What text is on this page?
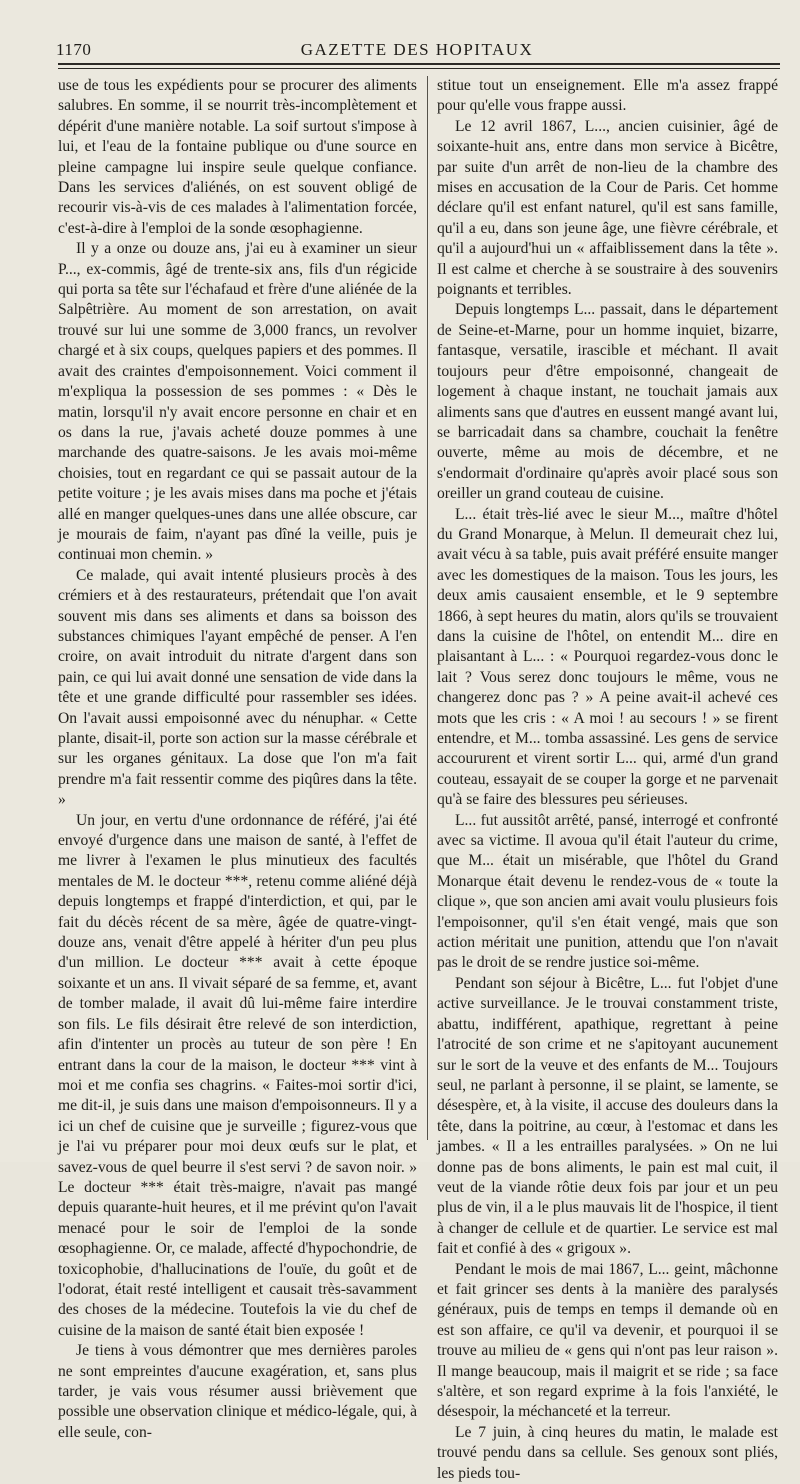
1170	GAZETTE DES HOPITAUX

use de tous les expédients pour se procurer des aliments salubres. En somme, il se nourrit très-incomplètement et dépérit d'une manière notable. La soif surtout s'impose à lui, et l'eau de la fontaine publique ou d'une source en pleine campagne lui inspire seule quelque confiance. Dans les services d'aliénés, on est souvent obligé de recourir vis-à-vis de ces malades à l'alimentation forcée, c'est-à-dire à l'emploi de la sonde œsophagienne.

Il y a onze ou douze ans, j'ai eu à examiner un sieur P..., ex-commis, âgé de trente-six ans, fils d'un régicide qui porta sa tête sur l'échafaud et frère d'une aliénée de la Salpêtrière. Au moment de son arrestation, on avait trouvé sur lui une somme de 3,000 francs, un revolver chargé et à six coups, quelques papiers et des pommes. Il avait des craintes d'empoisonnement. Voici comment il m'expliqua la possession de ses pommes : « Dès le matin, lorsqu'il n'y avait encore personne en chair et en os dans la rue, j'avais acheté douze pommes à une marchande des quatre-saisons. Je les avais moi-même choisies, tout en regardant ce qui se passait autour de la petite voiture ; je les avais mises dans ma poche et j'étais allé en manger quelques-unes dans une allée obscure, car je mourais de faim, n'ayant pas dîné la veille, puis je continuai mon chemin. »

Ce malade, qui avait intenté plusieurs procès à des crémiers et à des restaurateurs, prétendait que l'on avait souvent mis dans ses aliments et dans sa boisson des substances chimiques l'ayant empêché de penser. A l'en croire, on avait introduit du nitrate d'argent dans son pain, ce qui lui avait donné une sensation de vide dans la tête et une grande difficulté pour rassembler ses idées. On l'avait aussi empoisonné avec du nénuphar. « Cette plante, disait-il, porte son action sur la masse cérébrale et sur les organes génitaux. La dose que l'on m'a fait prendre m'a fait ressentir comme des piqûres dans la tête. »

Un jour, en vertu d'une ordonnance de référé, j'ai été envoyé d'urgence dans une maison de santé, à l'effet de me livrer à l'examen le plus minutieux des facultés mentales de M. le docteur ***, retenu comme aliéné déjà depuis longtemps et frappé d'interdiction, et qui, par le fait du décès récent de sa mère, âgée de quatre-vingt-douze ans, venait d'être appelé à hériter d'un peu plus d'un million. Le docteur *** avait à cette époque soixante et un ans. Il vivait séparé de sa femme, et, avant de tomber malade, il avait dû lui-même faire interdire son fils. Le fils désirait être relevé de son interdiction, afin d'intenter un procès au tuteur de son père ! En entrant dans la cour de la maison, le docteur *** vint à moi et me confia ses chagrins. « Faites-moi sortir d'ici, me dit-il, je suis dans une maison d'empoisonneurs. Il y a ici un chef de cuisine que je surveille ; figurez-vous que je l'ai vu préparer pour moi deux œufs sur le plat, et savez-vous de quel beurre il s'est servi ? de savon noir. » Le docteur *** était très-maigre, n'avait pas mangé depuis quarante-huit heures, et il me prévint qu'on l'avait menacé pour le soir de l'emploi de la sonde œsophagienne. Or, ce malade, affecté d'hypochondrie, de toxicophobie, d'hallucinations de l'ouïe, du goût et de l'odorat, était resté intelligent et causait très-savamment des choses de la médecine. Toutefois la vie du chef de cuisine de la maison de santé était bien exposée !

Je tiens à vous démontrer que mes dernières paroles ne sont empreintes d'aucune exagération, et, sans plus tarder, je vais vous résumer aussi brièvement que possible une observation clinique et médico-légale, qui, à elle seule, con-

stitue tout un enseignement. Elle m'a assez frappé pour qu'elle vous frappe aussi.

Le 12 avril 1867, L..., ancien cuisinier, âgé de soixante-huit ans, entre dans mon service à Bicêtre, par suite d'un arrêt de non-lieu de la chambre des mises en accusation de la Cour de Paris. Cet homme déclare qu'il est enfant naturel, qu'il est sans famille, qu'il a eu, dans son jeune âge, une fièvre cérébrale, et qu'il a aujourd'hui un « affaiblissement dans la tête ». Il est calme et cherche à se soustraire à des souvenirs poignants et terribles.

Depuis longtemps L... passait, dans le département de Seine-et-Marne, pour un homme inquiet, bizarre, fantasque, versatile, irascible et méchant. Il avait toujours peur d'être empoisonné, changeait de logement à chaque instant, ne touchait jamais aux aliments sans que d'autres en eussent mangé avant lui, se barricadait dans sa chambre, couchait la fenêtre ouverte, même au mois de décembre, et ne s'endormait d'ordinaire qu'après avoir placé sous son oreiller un grand couteau de cuisine.

L... était très-lié avec le sieur M..., maître d'hôtel du Grand Monarque, à Melun. Il demeurait chez lui, avait vécu à sa table, puis avait préféré ensuite manger avec les domestiques de la maison. Tous les jours, les deux amis causaient ensemble, et le 9 septembre 1866, à sept heures du matin, alors qu'ils se trouvaient dans la cuisine de l'hôtel, on entendit M... dire en plaisantant à L... : « Pourquoi regardez-vous donc le lait ? Vous serez donc toujours le même, vous ne changerez donc pas ? » A peine avait-il achevé ces mots que les cris : « A moi ! au secours ! » se firent entendre, et M... tomba assassiné. Les gens de service accoururent et virent sortir L... qui, armé d'un grand couteau, essayait de se couper la gorge et ne parvenait qu'à se faire des blessures peu sérieuses.

L... fut aussitôt arrêté, pansé, interrogé et confronté avec sa victime. Il avoua qu'il était l'auteur du crime, que M... était un misérable, que l'hôtel du Grand Monarque était devenu le rendez-vous de « toute la clique », que son ancien ami avait voulu plusieurs fois l'empoisonner, qu'il s'en était vengé, mais que son action méritait une punition, attendu que l'on n'avait pas le droit de se rendre justice soi-même.

Pendant son séjour à Bicêtre, L... fut l'objet d'une active surveillance. Je le trouvai constamment triste, abattu, indifférent, apathique, regrettant à peine l'atrocité de son crime et ne s'apitoyant aucunement sur le sort de la veuve et des enfants de M... Toujours seul, ne parlant à personne, il se plaint, se lamente, se désespère, et, à la visite, il accuse des douleurs dans la tête, dans la poitrine, au cœur, à l'estomac et dans les jambes. « Il a les entrailles paralysées. » On ne lui donne pas de bons aliments, le pain est mal cuit, il veut de la viande rôtie deux fois par jour et un peu plus de vin, il a le plus mauvais lit de l'hospice, il tient à changer de cellule et de quartier. Le service est mal fait et confié à des « grigoux ».

Pendant le mois de mai 1867, L... geint, mâchonne et fait grincer ses dents à la manière des paralysés généraux, puis de temps en temps il demande où en est son affaire, ce qu'il va devenir, et pourquoi il se trouve au milieu de « gens qui n'ont pas leur raison ». Il mange beaucoup, mais il maigrit et se ride ; sa face s'altère, et son regard exprime à la fois l'anxiété, le désespoir, la méchanceté et la terreur.

Le 7 juin, à cinq heures du matin, le malade est trouvé pendu dans sa cellule. Ses genoux sont pliés, les pieds tou-
